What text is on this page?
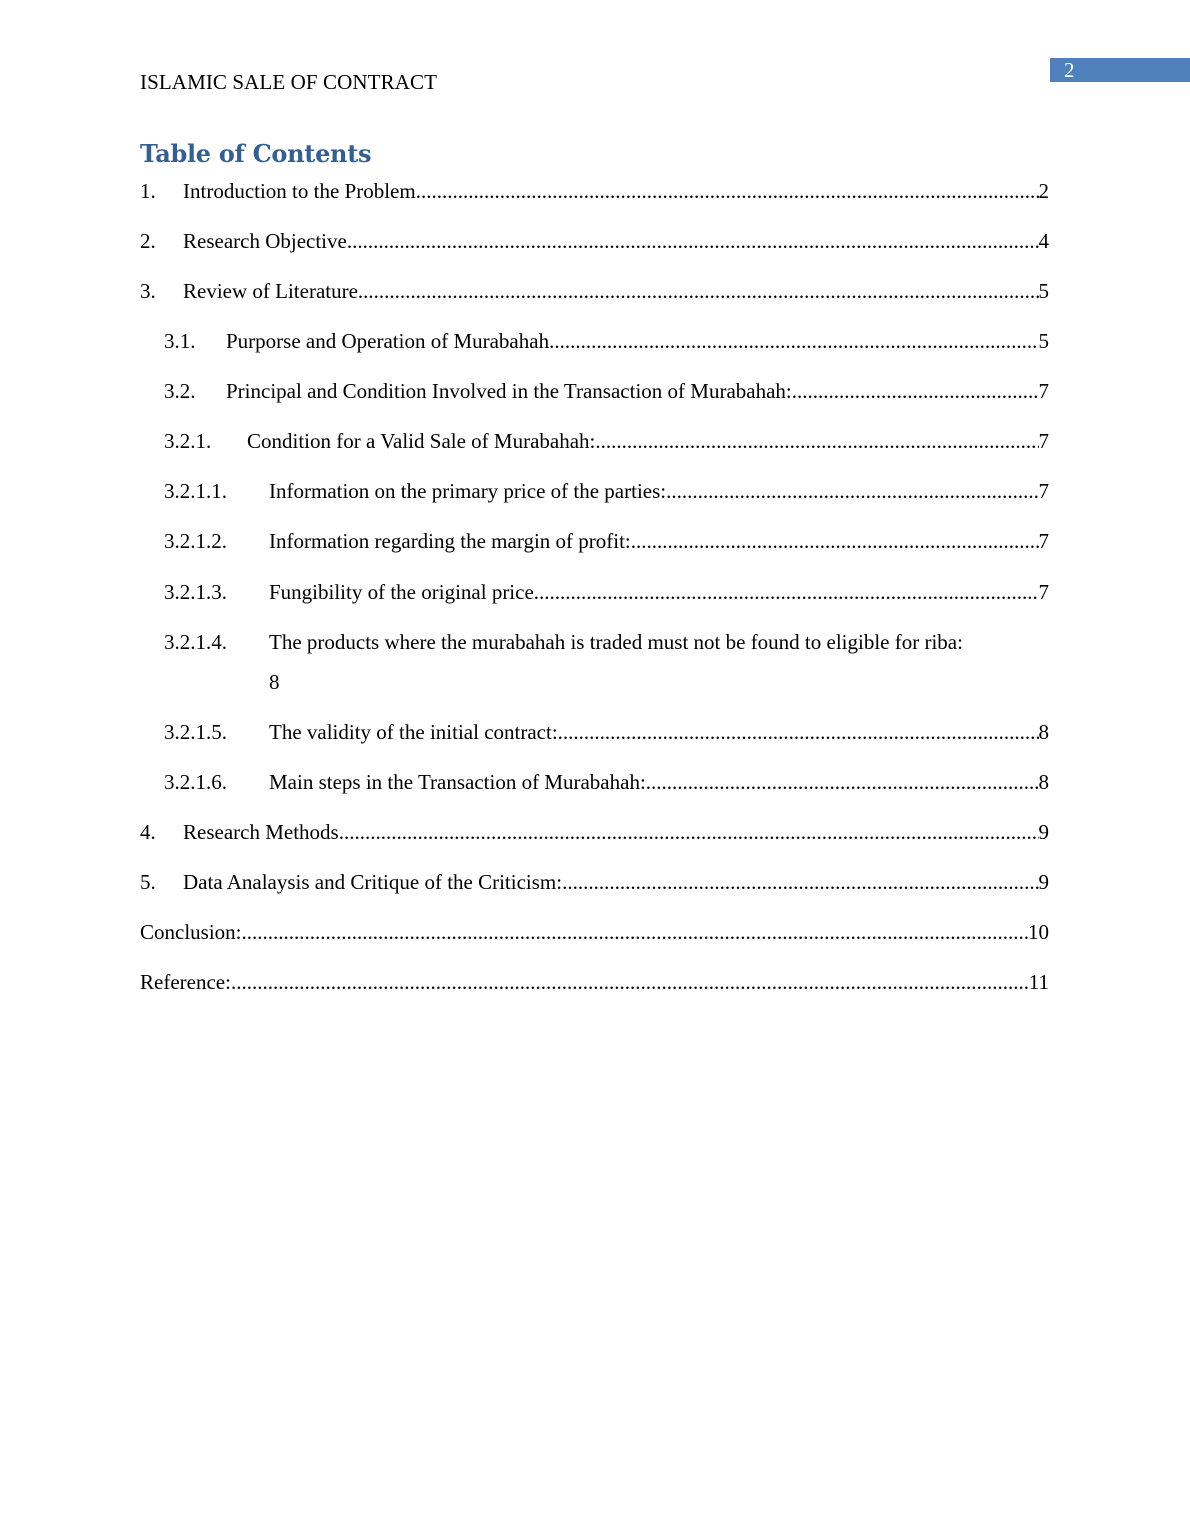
2
ISLAMIC SALE OF CONTRACT
Table of Contents
1. Introduction to the Problem .....	2
2. Research Objective .....	4
3. Review of Literature .....	5
3.1. Purporse and Operation of Murabahah .....	5
3.2. Principal and Condition Involved in the Transaction of Murabahah: .....	7
3.2.1. Condition for a Valid Sale of Murabahah: .....	7
3.2.1.1. Information on the primary price of the parties: .....	7
3.2.1.2. Information regarding the margin of profit: .....	7
3.2.1.3. Fungibility of the original price .....	7
3.2.1.4. The products where the murabahah is traded must not be found to eligible for riba:
8
3.2.1.5. The validity of the initial contract: .....	8
3.2.1.6. Main steps in the Transaction of Murabahah: .....	8
4. Research Methods .....	9
5. Data Analaysis and Critique of the Criticism: .....	9
Conclusion: .....	10
Reference: .....	11
